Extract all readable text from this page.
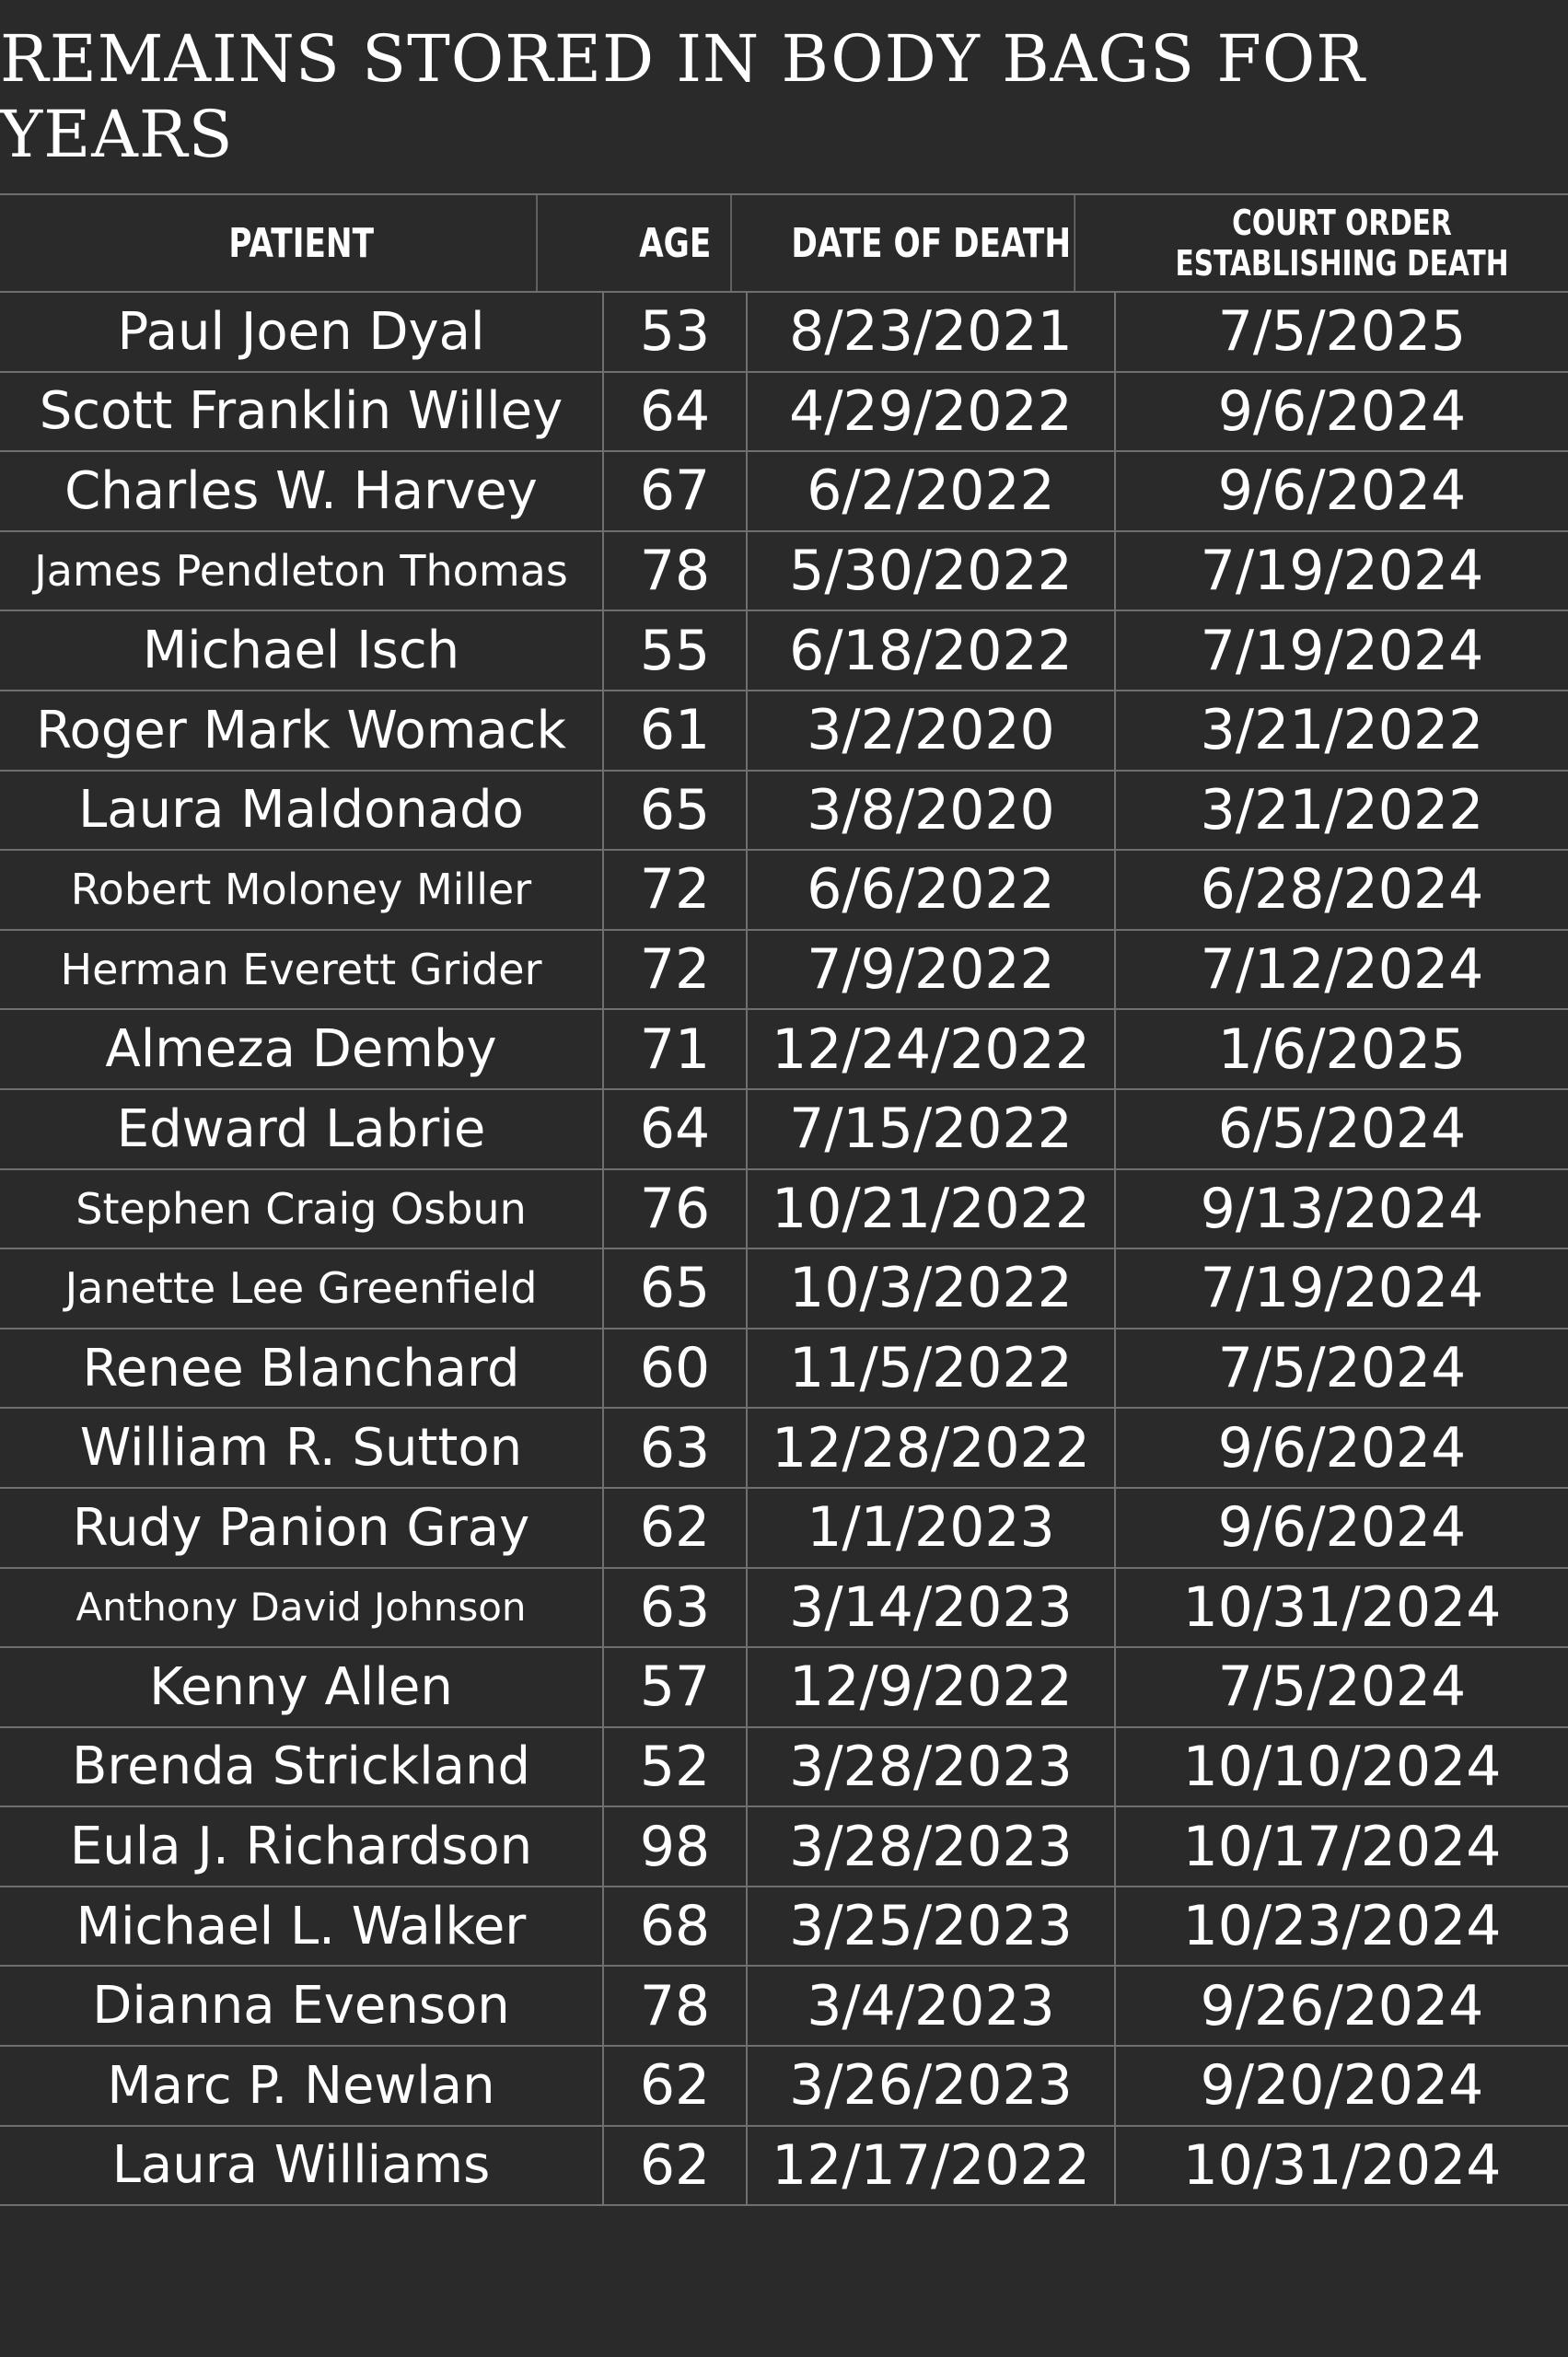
REMAINS STORED IN BODY BAGS FOR YEARS
PATIENT	AGE	DATE OF DEATH	COURT ORDER
ESTABLISHING DEATH
Paul Joen Dyal	53	8/23/2021	7/5/2025
Scott Franklin Willey	64	4/29/2022	9/6/2024
Charles W. Harvey	67	6/2/2022	9/6/2024
James Pendleton Thomas	78	5/30/2022	7/19/2024
Michael Isch	55	6/18/2022	7/19/2024
Roger Mark Womack	61	3/2/2020	3/21/2022
Laura Maldonado	65	3/8/2020	3/21/2022
Robert Moloney Miller	72	6/6/2022	6/28/2024
Herman Everett Grider	72	7/9/2022	7/12/2024
Almeza Demby	71	12/24/2022	1/6/2025
Edward Labrie	64	7/15/2022	6/5/2024
Stephen Craig Osbun	76	10/21/2022	9/13/2024
Janette Lee Greenfield	65	10/3/2022	7/19/2024
Renee Blanchard	60	11/5/2022	7/5/2024
William R. Sutton	63	12/28/2022	9/6/2024
Rudy Panion Gray	62	1/1/2023	9/6/2024
Anthony David Johnson	63	3/14/2023	10/31/2024
Kenny Allen	57	12/9/2022	7/5/2024
Brenda Strickland	52	3/28/2023	10/10/2024
Eula J. Richardson	98	3/28/2023	10/17/2024
Michael L. Walker	68	3/25/2023	10/23/2024
Dianna Evenson	78	3/4/2023	9/26/2024
Marc P. Newlan	62	3/26/2023	9/20/2024
Laura Williams	62	12/17/2022	10/31/2024
